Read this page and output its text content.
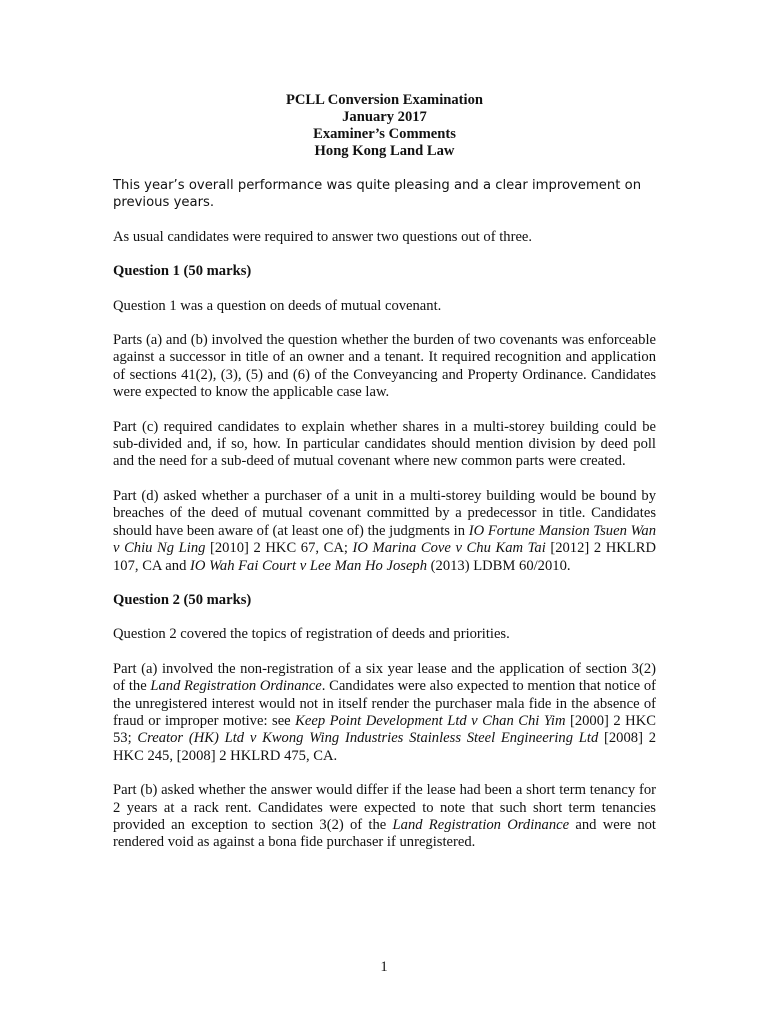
PCLL Conversion Examination
January 2017
Examiner’s Comments
Hong Kong Land Law

This year’s overall performance was quite pleasing and a clear improvement on previous years.

As usual candidates were required to answer two questions out of three.

Question 1 (50 marks)

Question 1 was a question on deeds of mutual covenant.

Parts (a) and (b) involved the question whether the burden of two covenants was enforceable against a successor in title of an owner and a tenant. It required recognition and application of sections 41(2), (3), (5) and (6) of the Conveyancing and Property Ordinance. Candidates were expected to know the applicable case law.

Part (c) required candidates to explain whether shares in a multi-storey building could be sub-divided and, if so, how. In particular candidates should mention division by deed poll and the need for a sub-deed of mutual covenant where new common parts were created.

Part (d) asked whether a purchaser of a unit in a multi-storey building would be bound by breaches of the deed of mutual covenant committed by a predecessor in title. Candidates should have been aware of (at least one of) the judgments in IO Fortune Mansion Tsuen Wan v Chiu Ng Ling [2010] 2 HKC 67, CA; IO Marina Cove v Chu Kam Tai [2012] 2 HKLRD 107, CA and IO Wah Fai Court v Lee Man Ho Joseph (2013) LDBM 60/2010.

Question 2 (50 marks)

Question 2 covered the topics of registration of deeds and priorities.

Part (a) involved the non-registration of a six year lease and the application of section 3(2) of the Land Registration Ordinance. Candidates were also expected to mention that notice of the unregistered interest would not in itself render the purchaser mala fide in the absence of fraud or improper motive: see Keep Point Development Ltd v Chan Chi Yim [2000] 2 HKC 53; Creator (HK) Ltd v Kwong Wing Industries Stainless Steel Engineering Ltd [2008] 2 HKC 245, [2008] 2 HKLRD 475, CA.

Part (b) asked whether the answer would differ if the lease had been a short term tenancy for 2 years at a rack rent. Candidates were expected to note that such short term tenancies provided an exception to section 3(2) of the Land Registration Ordinance and were not rendered void as against a bona fide purchaser if unregistered.

1
